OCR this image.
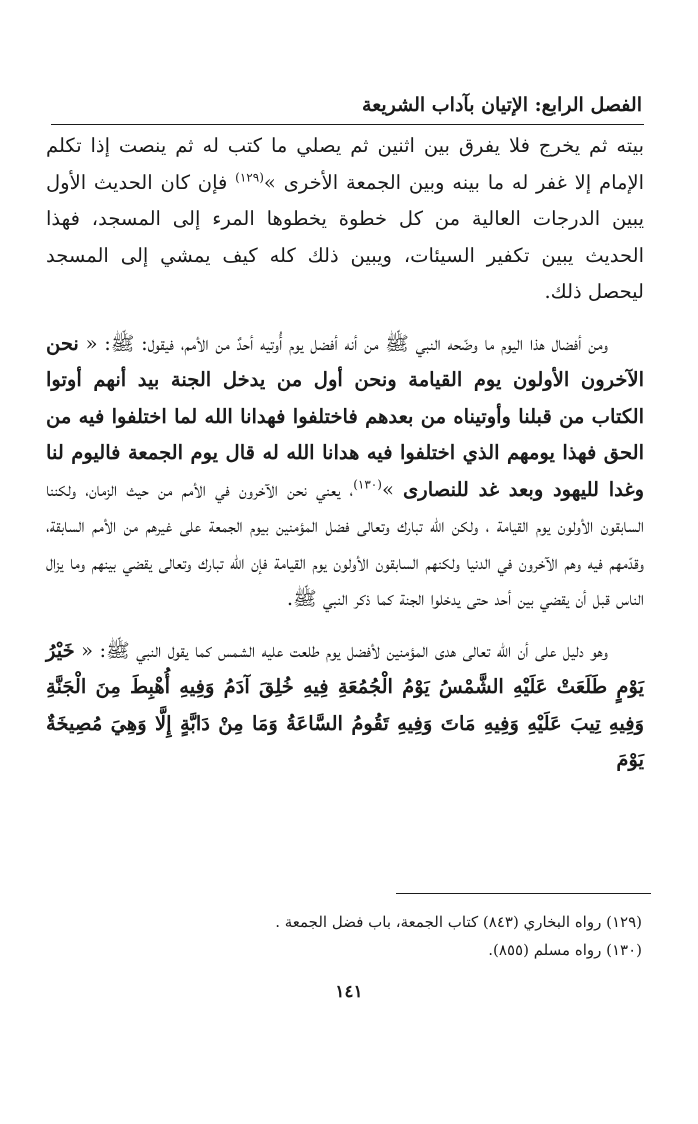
الفصل الرابع: الإتيان بآداب الشريعة

بيته ثم يخرج فلا يفرق بين اثنين ثم يصلي ما كتب له ثم ينصت إذا تكلم الإمام إلا غفر له ما بينه وبين الجمعة الأخرى »$^{(١٢٩)}$ فإن كان الحديث الأول يبين الدرجات العالية من كل خطوة يخطوها المرء إلى المسجد، فهذا الحديث يبين تكفير السيئات، ويبين ذلك كله كيف يمشي إلى المسجد ليحصل ذلك.

ومن أفضال هذا اليوم ما وضّحه النبي ﷺ من أنه أفضل يوم أُوتيه أحدٌ من الأمم، فيقول: ﷺ: « نحن الآخرون الأولون يوم القيامة ونحن أول من يدخل الجنة بيد أنهم أوتوا الكتاب من قبلنا وأوتيناه من بعدهم فاختلفوا فهدانا الله لما اختلفوا فيه من الحق فهذا يومهم الذي اختلفوا فيه هدانا الله له قال يوم الجمعة فاليوم لنا وغدا لليهود وبعد غد للنصارى »$^{(١٣٠)}$، يعني نحن الآخرون في الأمم من حيث الزمان، ولكننا السابقون الأولون يوم القيامة ، ولكن الله تبارك وتعالى فضل المؤمنين بيوم الجمعة على غيرهم من الأمم السابقة، وقدّمهم فيه وهم الآخرون في الدنيا ولكنهم السابقون الأولون يوم القيامة فإن الله تبارك وتعالى يقضي بينهم وما يزال الناس قبل أن يقضي بين أحد حتى يدخلوا الجنة كما ذكر النبي ﷺ.

وهو دليل على أن الله تعالى هدى المؤمنين لأفضل يوم طلعت عليه الشمس كما يقول النبي ﷺ: « خَيْرُ يَوْمٍ طَلَعَتْ عَلَيْهِ الشَّمْسُ يَوْمُ الْجُمُعَةِ فِيهِ خُلِقَ آدَمُ وَفِيهِ أُهْبِطَ مِنَ الْجَنَّةِ وَفِيهِ تِيبَ عَلَيْهِ وَفِيهِ مَاتَ وَفِيهِ تَقُومُ السَّاعَةُ وَمَا مِنْ دَابَّةٍ إِلَّا وَهِيَ مُصِيخَةٌ يَوْمَ

(١٢٩) رواه البخاري (٨٤٣) كتاب الجمعة، باب فضل الجمعة .

(١٣٠) رواه مسلم (٨٥٥).

١٤١
